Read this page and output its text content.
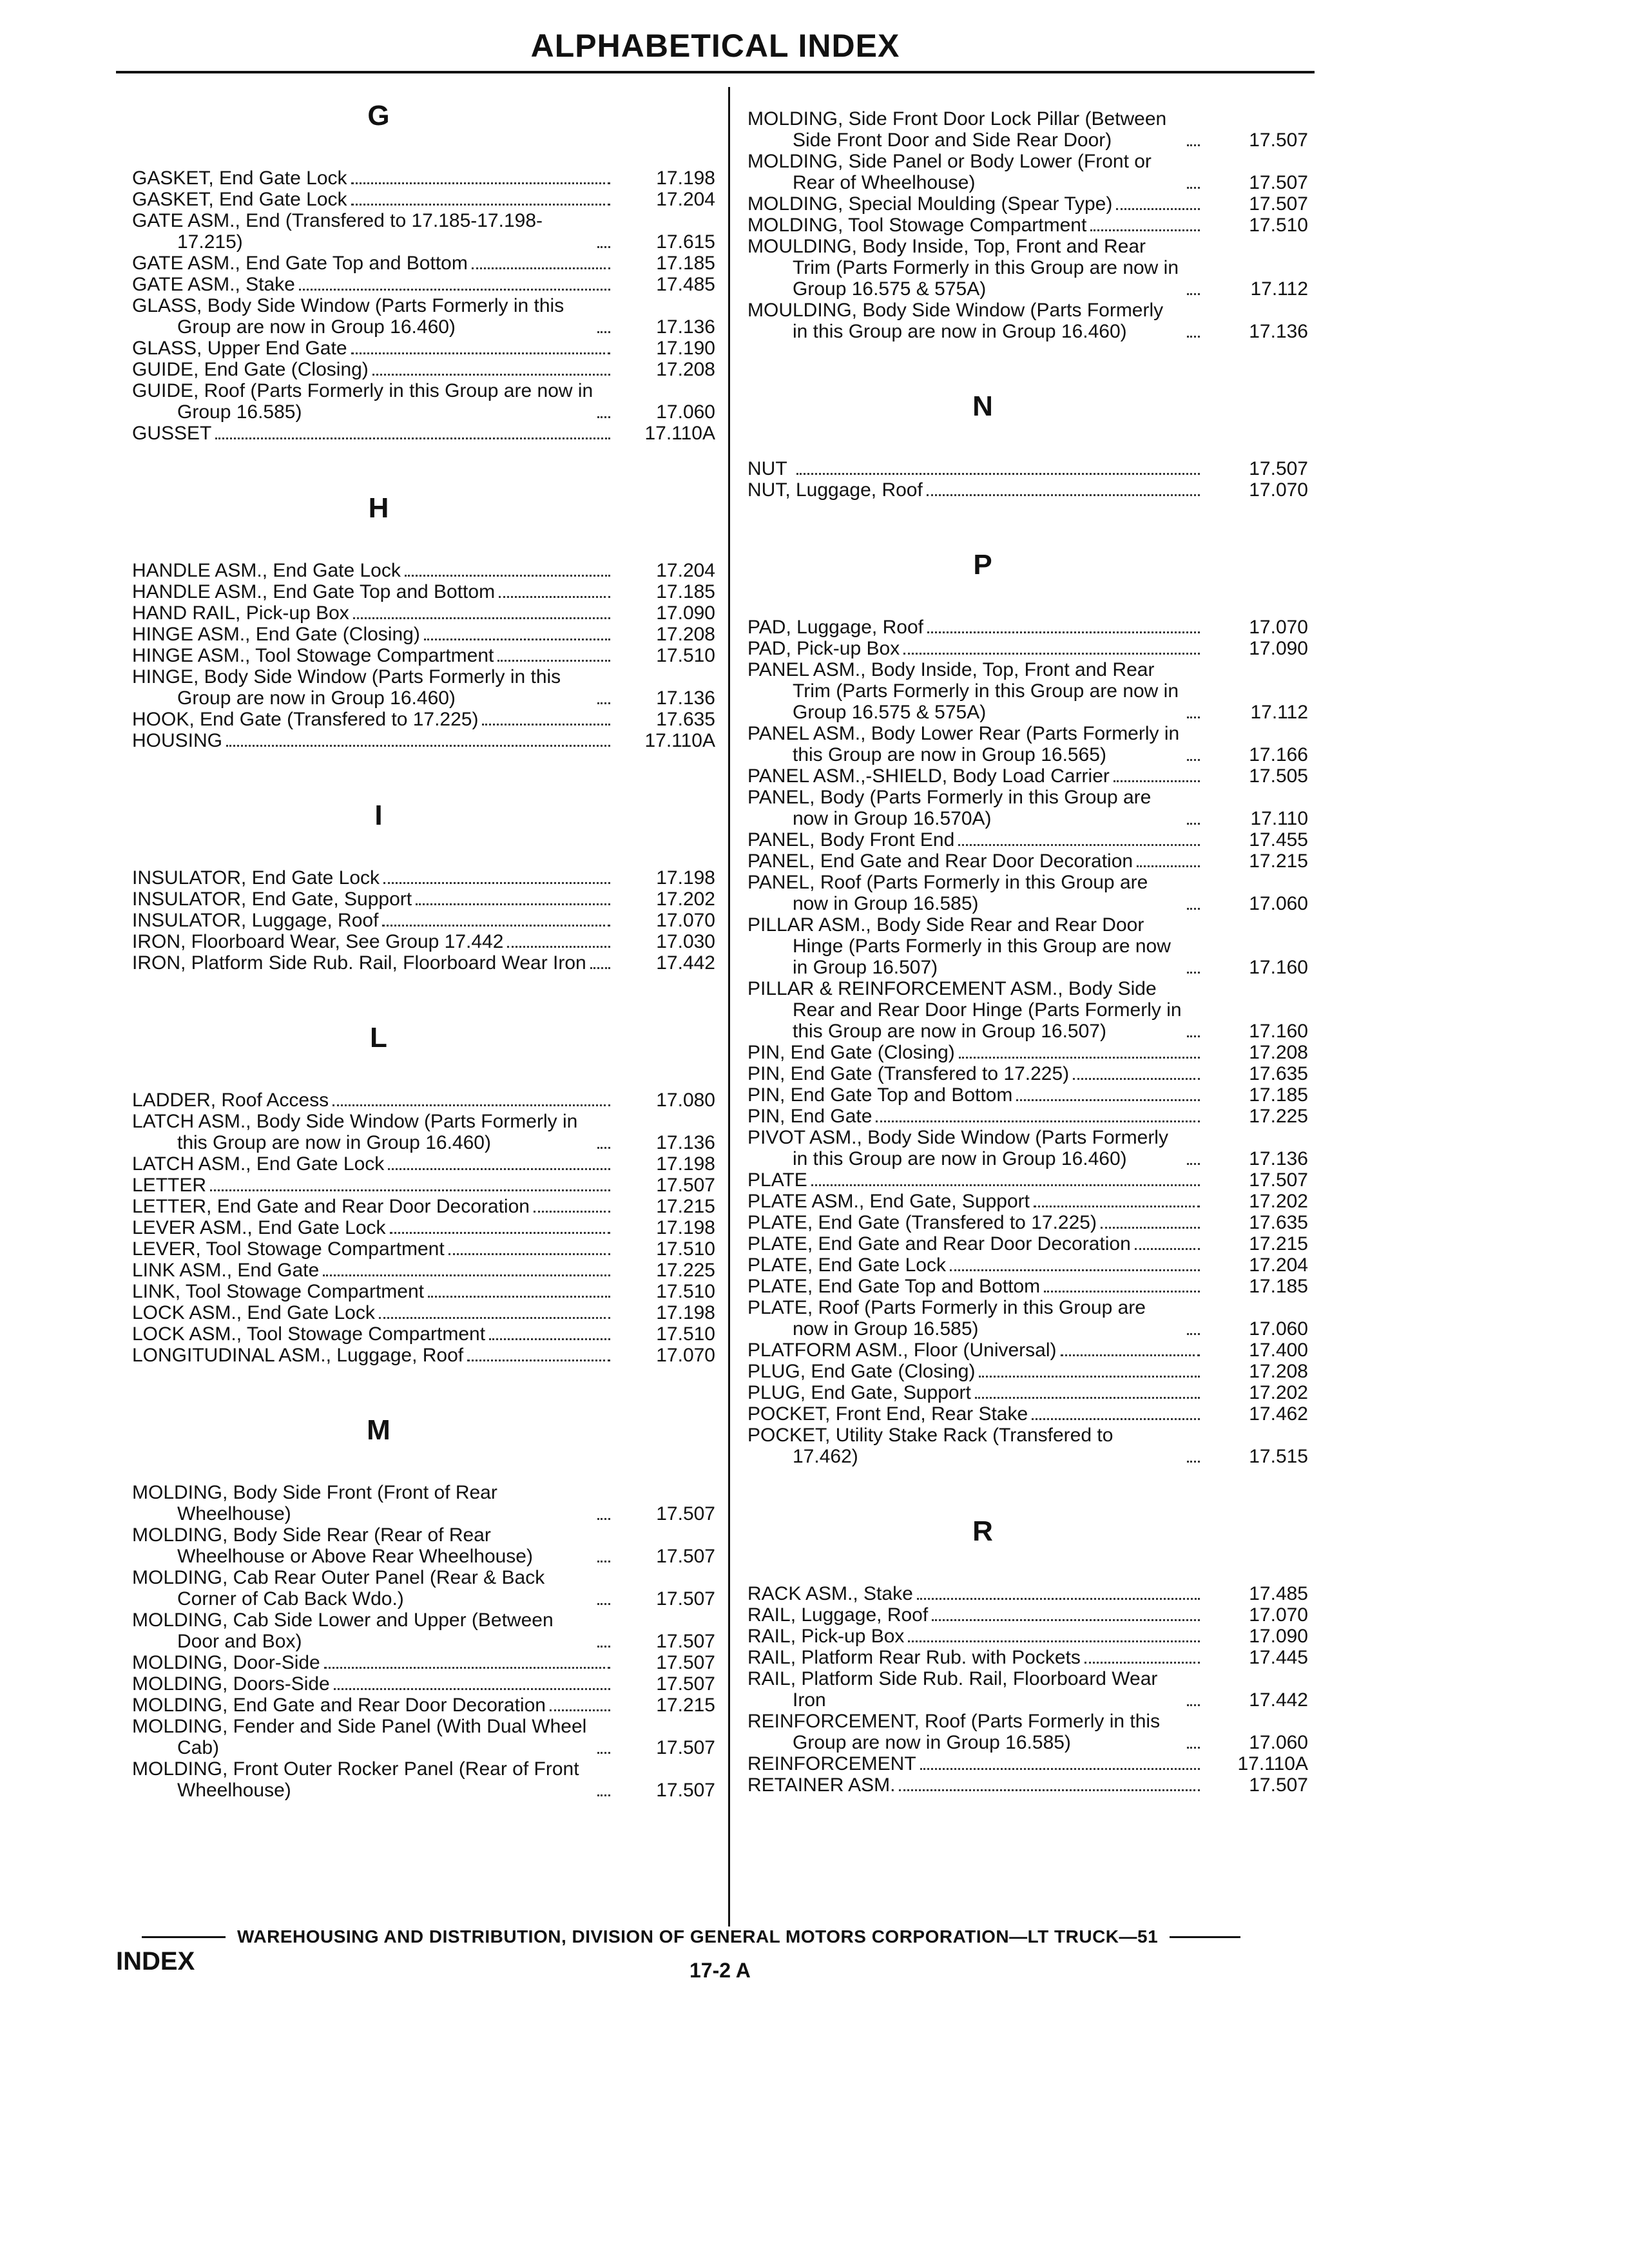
ALPHABETICAL INDEX
G
GASKET, End Gate Lock	17.198
GASKET, End Gate Lock	17.204
GATE ASM., End (Transfered to 17.185-17.198-17.215)	17.615
GATE ASM., End Gate Top and Bottom	17.185
GATE ASM., Stake	17.485
GLASS, Body Side Window (Parts Formerly in this Group are now in Group 16.460)	17.136
GLASS, Upper End Gate	17.190
GUIDE, End Gate (Closing)	17.208
GUIDE, Roof (Parts Formerly in this Group are now in Group 16.585)	17.060
GUSSET	17.110A
H
HANDLE ASM., End Gate Lock	17.204
HANDLE ASM., End Gate Top and Bottom	17.185
HAND RAIL, Pick-up Box	17.090
HINGE ASM., End Gate (Closing)	17.208
HINGE ASM., Tool Stowage Compartment	17.510
HINGE, Body Side Window (Parts Formerly in this Group are now in Group 16.460)	17.136
HOOK, End Gate (Transfered to 17.225)	17.635
HOUSING	17.110A
I
INSULATOR, End Gate Lock	17.198
INSULATOR, End Gate, Support	17.202
INSULATOR, Luggage, Roof	17.070
IRON, Floorboard Wear, See Group 17.442	17.030
IRON, Platform Side Rub. Rail, Floorboard Wear Iron	17.442
L
LADDER, Roof Access	17.080
LATCH ASM., Body Side Window (Parts Formerly in this Group are now in Group 16.460)	17.136
LATCH ASM., End Gate Lock	17.198
LETTER	17.507
LETTER, End Gate and Rear Door Decoration	17.215
LEVER ASM., End Gate Lock	17.198
LEVER, Tool Stowage Compartment	17.510
LINK ASM., End Gate	17.225
LINK, Tool Stowage Compartment	17.510
LOCK ASM., End Gate Lock	17.198
LOCK ASM., Tool Stowage Compartment	17.510
LONGITUDINAL ASM., Luggage, Roof	17.070
M
MOLDING, Body Side Front (Front of Rear Wheelhouse)	17.507
MOLDING, Body Side Rear (Rear of Rear Wheelhouse or Above Rear Wheelhouse)	17.507
MOLDING, Cab Rear Outer Panel (Rear & Back Corner of Cab Back Wdo.)	17.507
MOLDING, Cab Side Lower and Upper (Between Door and Box)	17.507
MOLDING, Door-Side	17.507
MOLDING, Doors-Side	17.507
MOLDING, End Gate and Rear Door Decoration	17.215
MOLDING, Fender and Side Panel (With Dual Wheel Cab)	17.507
MOLDING, Front Outer Rocker Panel (Rear of Front Wheelhouse)	17.507
MOLDING, Side Front Door Lock Pillar (Between Side Front Door and Side Rear Door)	17.507
MOLDING, Side Panel or Body Lower (Front or Rear of Wheelhouse)	17.507
MOLDING, Special Moulding (Spear Type)	17.507
MOLDING, Tool Stowage Compartment	17.510
MOULDING, Body Inside, Top, Front and Rear Trim (Parts Formerly in this Group are now in Group 16.575 & 575A)	17.112
MOULDING, Body Side Window (Parts Formerly in this Group are now in Group 16.460)	17.136
N
NUT	17.507
NUT, Luggage, Roof	17.070
P
PAD, Luggage, Roof	17.070
PAD, Pick-up Box	17.090
PANEL ASM., Body Inside, Top, Front and Rear Trim (Parts Formerly in this Group are now in Group 16.575 & 575A)	17.112
PANEL ASM., Body Lower Rear (Parts Formerly in this Group are now in Group 16.565)	17.166
PANEL ASM.,-SHIELD, Body Load Carrier	17.505
PANEL, Body (Parts Formerly in this Group are now in Group 16.570A)	17.110
PANEL, Body Front End	17.455
PANEL, End Gate and Rear Door Decoration	17.215
PANEL, Roof (Parts Formerly in this Group are now in Group 16.585)	17.060
PILLAR ASM., Body Side Rear and Rear Door Hinge (Parts Formerly in this Group are now in Group 16.507)	17.160
PILLAR & REINFORCEMENT ASM., Body Side Rear and Rear Door Hinge (Parts Formerly in this Group are now in Group 16.507)	17.160
PIN, End Gate (Closing)	17.208
PIN, End Gate (Transfered to 17.225)	17.635
PIN, End Gate Top and Bottom	17.185
PIN, End Gate	17.225
PIVOT ASM., Body Side Window (Parts Formerly in this Group are now in Group 16.460)	17.136
PLATE	17.507
PLATE ASM., End Gate, Support	17.202
PLATE, End Gate (Transfered to 17.225)	17.635
PLATE, End Gate and Rear Door Decoration	17.215
PLATE, End Gate Lock	17.204
PLATE, End Gate Top and Bottom	17.185
PLATE, Roof (Parts Formerly in this Group are now in Group 16.585)	17.060
PLATFORM ASM., Floor (Universal)	17.400
PLUG, End Gate (Closing)	17.208
PLUG, End Gate, Support	17.202
POCKET, Front End, Rear Stake	17.462
POCKET, Utility Stake Rack (Transfered to 17.462)	17.515
R
RACK ASM., Stake	17.485
RAIL, Luggage, Roof	17.070
RAIL, Pick-up Box	17.090
RAIL, Platform Rear Rub. with Pockets	17.445
RAIL, Platform Side Rub. Rail, Floorboard Wear Iron	17.442
REINFORCEMENT, Roof (Parts Formerly in this Group are now in Group 16.585)	17.060
REINFORCEMENT	17.110A
RETAINER ASM.	17.507
WAREHOUSING AND DISTRIBUTION, DIVISION OF GENERAL MOTORS CORPORATION—LT TRUCK—51
INDEX	17-2 A
